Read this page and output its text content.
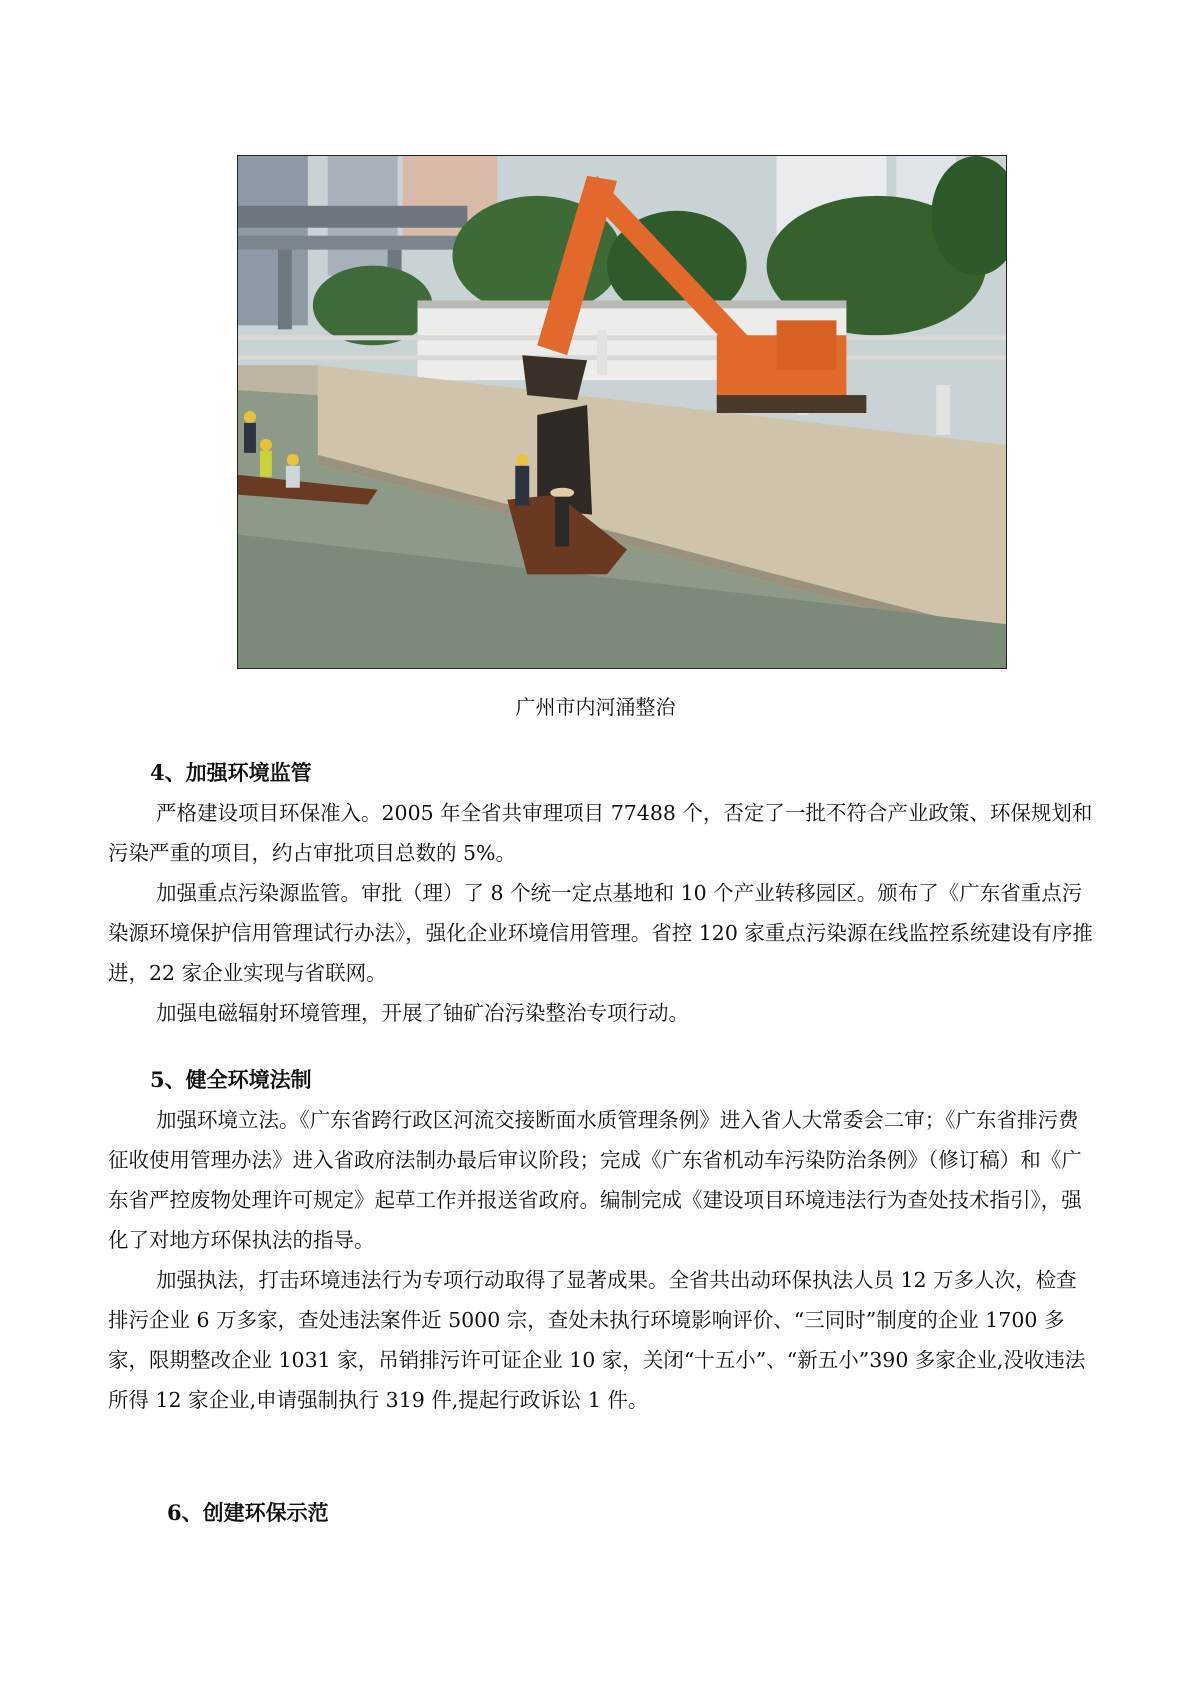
广州市内河涌整治
4、加强环境监管

严格建设项目环保准入。2005 年全省共审理项目 77488 个，否定了一批不符合产业政策、环保规划和污染严重的项目，约占审批项目总数的 5%。

加强重点污染源监管。审批（理）了 8 个统一定点基地和 10 个产业转移园区。颁布了《广东省重点污染源环境保护信用管理试行办法》，强化企业环境信用管理。省控 120 家重点污染源在线监控系统建设有序推进，22 家企业实现与省联网。

加强电磁辐射环境管理，开展了铀矿冶污染整治专项行动。

5、健全环境法制

加强环境立法。《广东省跨行政区河流交接断面水质管理条例》进入省人大常委会二审；《广东省排污费征收使用管理办法》进入省政府法制办最后审议阶段；完成《广东省机动车污染防治条例》（修订稿）和《广东省严控废物处理许可规定》起草工作并报送省政府。编制完成《建设项目环境违法行为查处技术指引》，强化了对地方环保执法的指导。

加强执法，打击环境违法行为专项行动取得了显著成果。全省共出动环保执法人员 12 万多人次，检查排污企业 6 万多家，查处违法案件近 5000 宗，查处未执行环境影响评价、“三同时”制度的企业 1700 多家，限期整改企业 1031 家，吊销排污许可证企业 10 家，关闭“十五小”、“新五小”390 多家企业,没收违法所得 12 家企业,申请强制执行 319 件,提起行政诉讼 1 件。

6、创建环保示范
